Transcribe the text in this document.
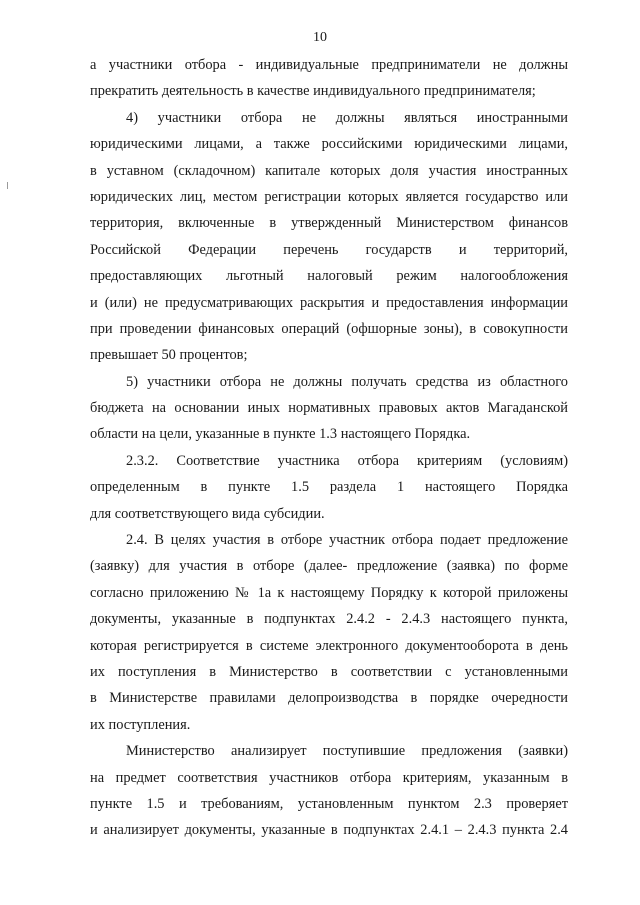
10
а участники отбора - индивидуальные предприниматели не должны
прекратить деятельность в качестве индивидуального предпринимателя;
4) участники отбора не должны являться иностранными
юридическими лицами, а также российскими юридическими лицами,
в уставном (складочном) капитале которых доля участия иностранных
юридических лиц, местом регистрации которых является государство или
территория, включенные в утвержденный Министерством финансов
Российской Федерации перечень государств и территорий,
предоставляющих льготный налоговый режим налогообложения
и (или) не предусматривающих раскрытия и предоставления информации
при проведении финансовых операций (офшорные зоны), в совокупности
превышает 50 процентов;
5) участники отбора не должны получать средства из областного
бюджета на основании иных нормативных правовых актов Магаданской
области на цели, указанные в пункте 1.3 настоящего Порядка.
2.3.2. Соответствие участника отбора критериям (условиям)
определенным в пункте 1.5 раздела 1 настоящего Порядка
для соответствующего вида субсидии.
2.4. В целях участия в отборе участник отбора подает предложение
(заявку) для участия в отборе (далее- предложение (заявка) по форме
согласно приложению № 1а к настоящему Порядку к которой приложены
документы, указанные в подпунктах 2.4.2 - 2.4.3 настоящего пункта,
которая регистрируется в системе электронного документооборота в день
их поступления в Министерство в соответствии с установленными
в Министерстве правилами делопроизводства в порядке очередности
их поступления.
Министерство анализирует поступившие предложения (заявки)
на предмет соответствия участников отбора критериям, указанным в
пункте 1.5 и требованиям, установленным пунктом 2.3 проверяет
и анализирует документы, указанные в подпунктах 2.4.1 – 2.4.3 пункта 2.4
